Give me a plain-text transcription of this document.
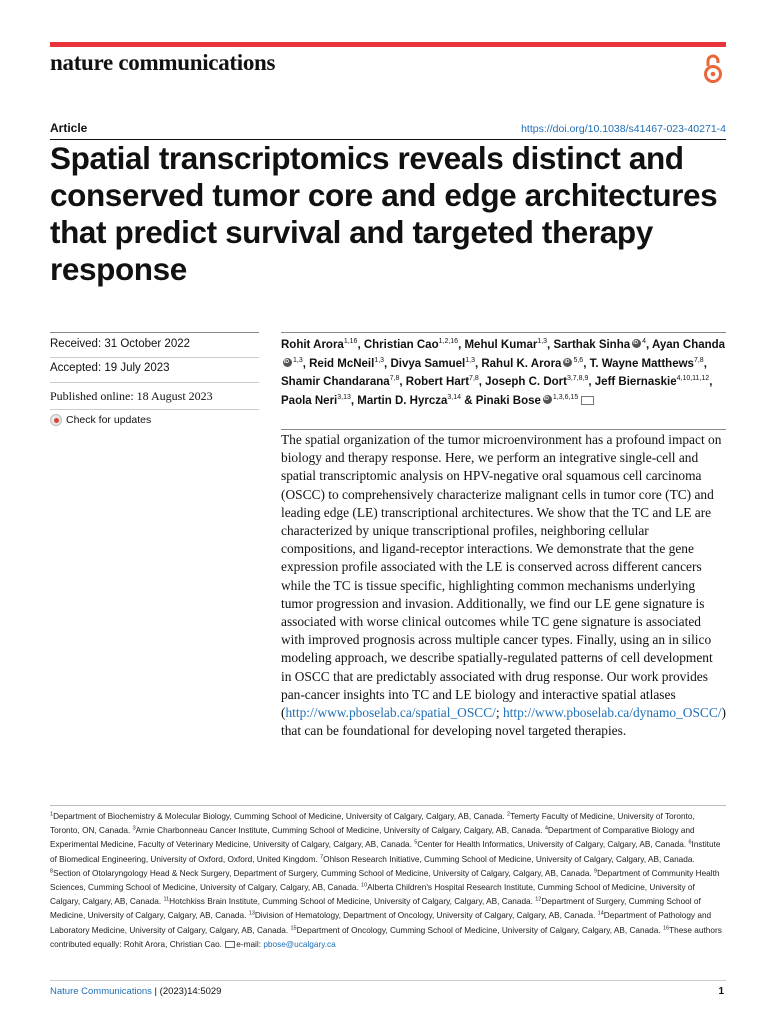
nature communications
Article	https://doi.org/10.1038/s41467-023-40271-4
Spatial transcriptomics reveals distinct and conserved tumor core and edge architectures that predict survival and targeted therapy response
Received: 31 October 2022
Accepted: 19 July 2023
Published online: 18 August 2023
Check for updates
Rohit Arora$^{1,16}$, Christian Cao$^{1,2,16}$, Mehul Kumar$^{1,3}$, Sarthak Sinha iD $^4$, Ayan ChandaiD$^{1,3}$, Reid McNeil$^{1,3}$, Divya Samuel$^{1,3}$, Rahul K. Arora iD $^{5,6}$, T. Wayne Matthews$^{7,8}$, Shamir Chandarana$^{7,8}$, Robert Hart$^{7,8}$, Joseph C. Dort$^{3,7,8,9}$, Jeff Biernaskie$^{4,10,11,12}$, Paola Neri$^{3,13}$, Martin D. Hyrcza$^{3,14}$ & Pinaki Bose iD $^{1,3,6,15}$
The spatial organization of the tumor microenvironment has a profound impact on biology and therapy response. Here, we perform an integrative single-cell and spatial transcriptomic analysis on HPV-negative oral squamous cell carcinoma (OSCC) to comprehensively characterize malignant cells in tumor core (TC) and leading edge (LE) transcriptional architectures. We show that the TC and LE are characterized by unique transcriptional profiles, neighboring cellular compositions, and ligand-receptor interactions. We demonstrate that the gene expression profile associated with the LE is conserved across different cancers while the TC is tissue specific, highlighting common mechanisms underlying tumor progression and invasion. Additionally, we find our LE gene signature is associated with worse clinical outcomes while TC gene signature is associated with improved prognosis across multiple cancer types. Finally, using an in silico modeling approach, we describe spatially-regulated patterns of cell development in OSCC that are predictably associated with drug response. Our work provides pan-cancer insights into TC and LE biology and interactive spatial atlases (http://www.pboselab.ca/spatial_OSCC/; http://www.pboselab.ca/dynamo_OSCC/) that can be foundational for developing novel targeted therapies.
$^1$Department of Biochemistry & Molecular Biology, Cumming School of Medicine, University of Calgary, Calgary, AB, Canada. $^2$Temerty Faculty of Medicine, University of Toronto, Toronto, ON, Canada. $^3$Arnie Charbonneau Cancer Institute, Cumming School of Medicine, University of Calgary, Calgary, AB, Canada. $^4$Department of Comparative Biology and Experimental Medicine, Faculty of Veterinary Medicine, University of Calgary, Calgary, AB, Canada. $^5$Center for Health Informatics, University of Calgary, Calgary, AB, Canada. $^6$Institute of Biomedical Engineering, University of Oxford, Oxford, United Kingdom. $^7$Ohlson Research Initiative, Cumming School of Medicine, University of Calgary, Calgary, AB, Canada. $^8$Section of Otolaryngology Head & Neck Surgery, Department of Surgery, Cumming School of Medicine, University of Calgary, Calgary, AB, Canada. $^9$Department of Community Health Sciences, Cumming School of Medicine, University of Calgary, Calgary, AB, Canada. $^{10}$Alberta Children's Hospital Research Institute, Cumming School of Medicine, University of Calgary, Calgary, AB, Canada. $^{11}$Hotchkiss Brain Institute, Cumming School of Medicine, University of Calgary, Calgary, AB, Canada. $^{12}$Department of Surgery, Cumming School of Medicine, University of Calgary, Calgary, AB, Canada. $^{13}$Division of Hematology, Department of Oncology, University of Calgary, Calgary, AB, Canada. $^{14}$Department of Pathology and Laboratory Medicine, University of Calgary, Calgary, AB, Canada. $^{15}$Department of Oncology, Cumming School of Medicine, University of Calgary, Calgary, AB, Canada. $^{16}$These authors contributed equally: Rohit Arora, Christian Cao. e-mail: pbose@ucalgary.ca
Nature Communications | (2023)14:5029	1
